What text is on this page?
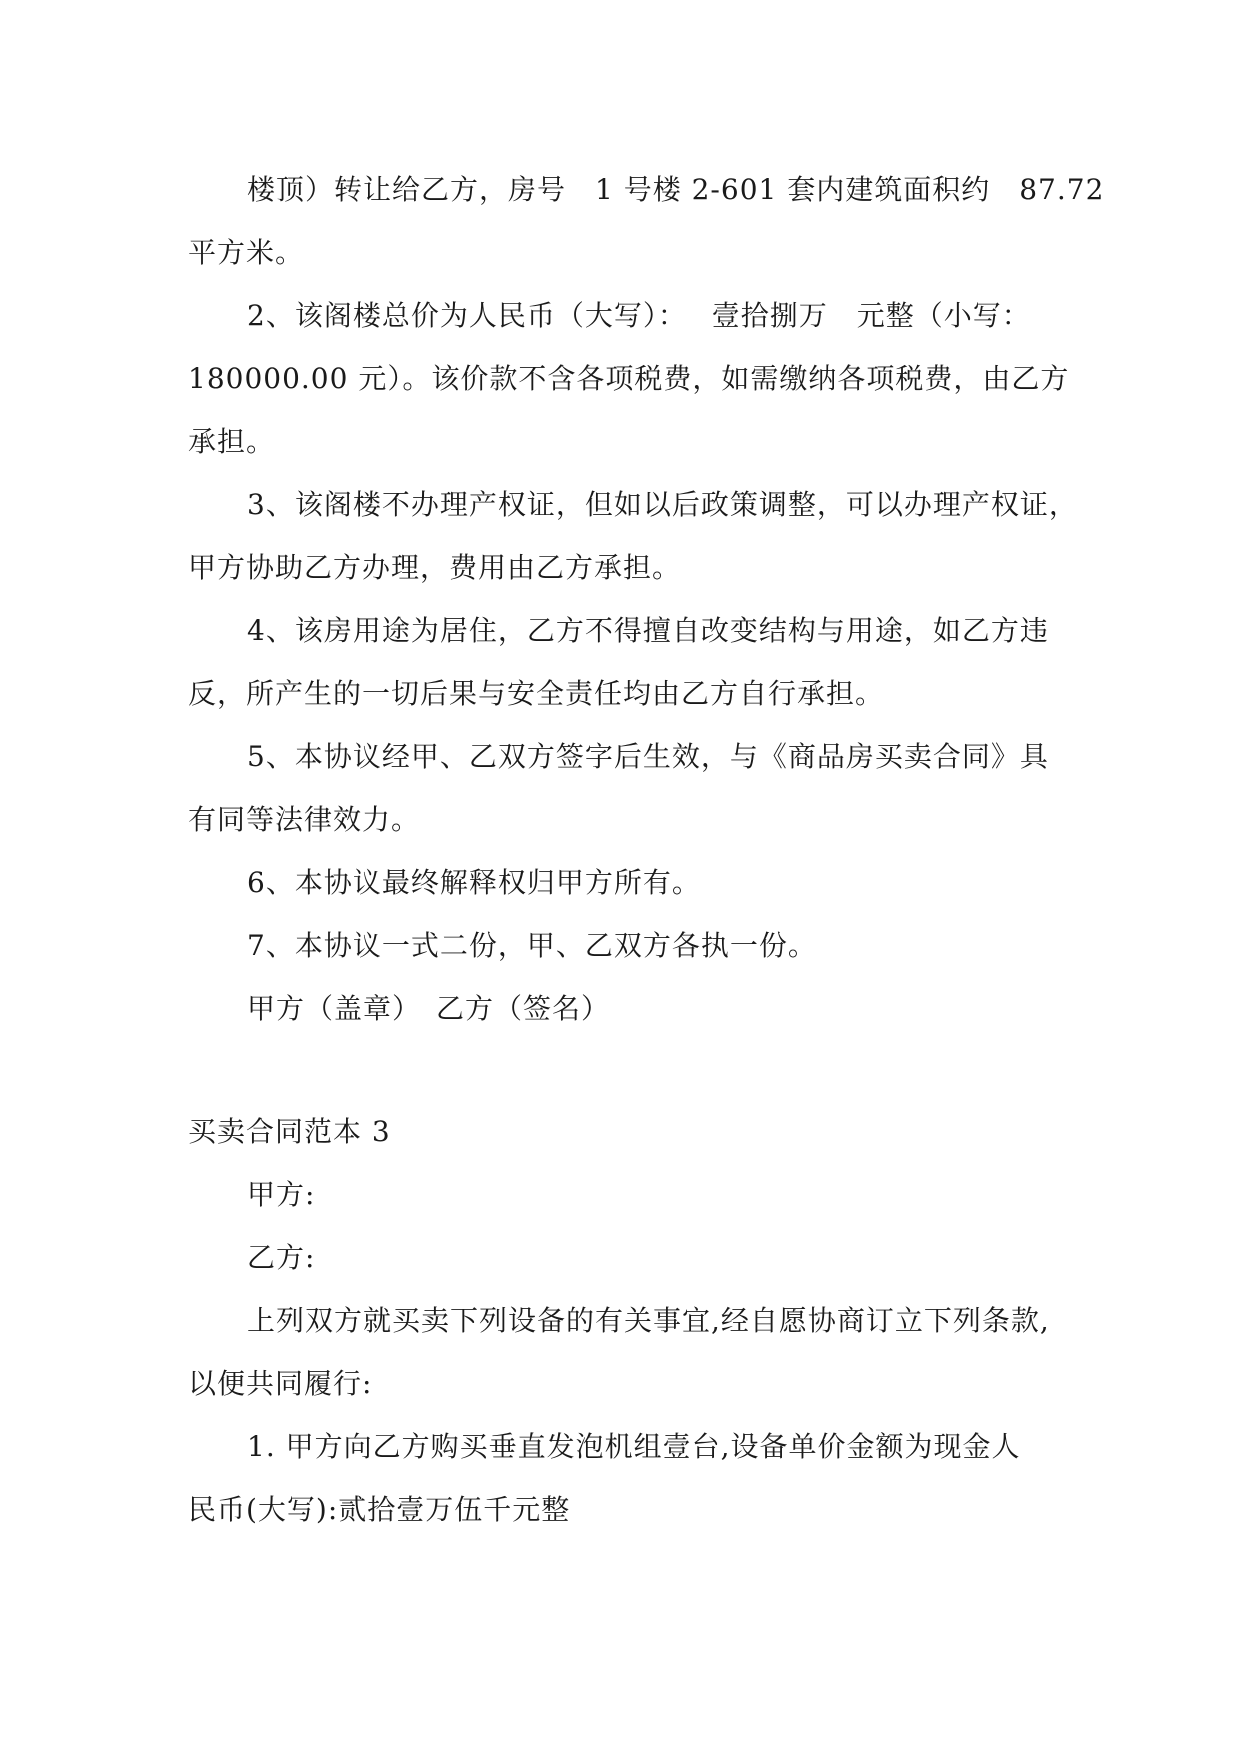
楼顶）转让给乙方，房号　1 号楼 2-601 套内建筑面积约　87.72
平方米。
2、该阁楼总价为人民币（大写）：　 壹拾捌万　元整（小写：
180000.00 元）。该价款不含各项税费，如需缴纳各项税费，由乙方
承担。
3、该阁楼不办理产权证，但如以后政策调整，可以办理产权证，
甲方协助乙方办理，费用由乙方承担。
4、该房用途为居住，乙方不得擅自改变结构与用途，如乙方违
反，所产生的一切后果与安全责任均由乙方自行承担。
5、本协议经甲、乙双方签字后生效，与《商品房买卖合同》具
有同等法律效力。
6、本协议最终解释权归甲方所有。
7、本协议一式二份，甲、乙双方各执一份。
甲方（盖章）　乙方（签名）
买卖合同范本 3
甲方:
乙方:
上列双方就买卖下列设备的有关事宜,经自愿协商订立下列条款,
以便共同履行:
1. 甲方向乙方购买垂直发泡机组壹台,设备单价金额为现金人
民币(大写):贰拾壹万伍千元整
